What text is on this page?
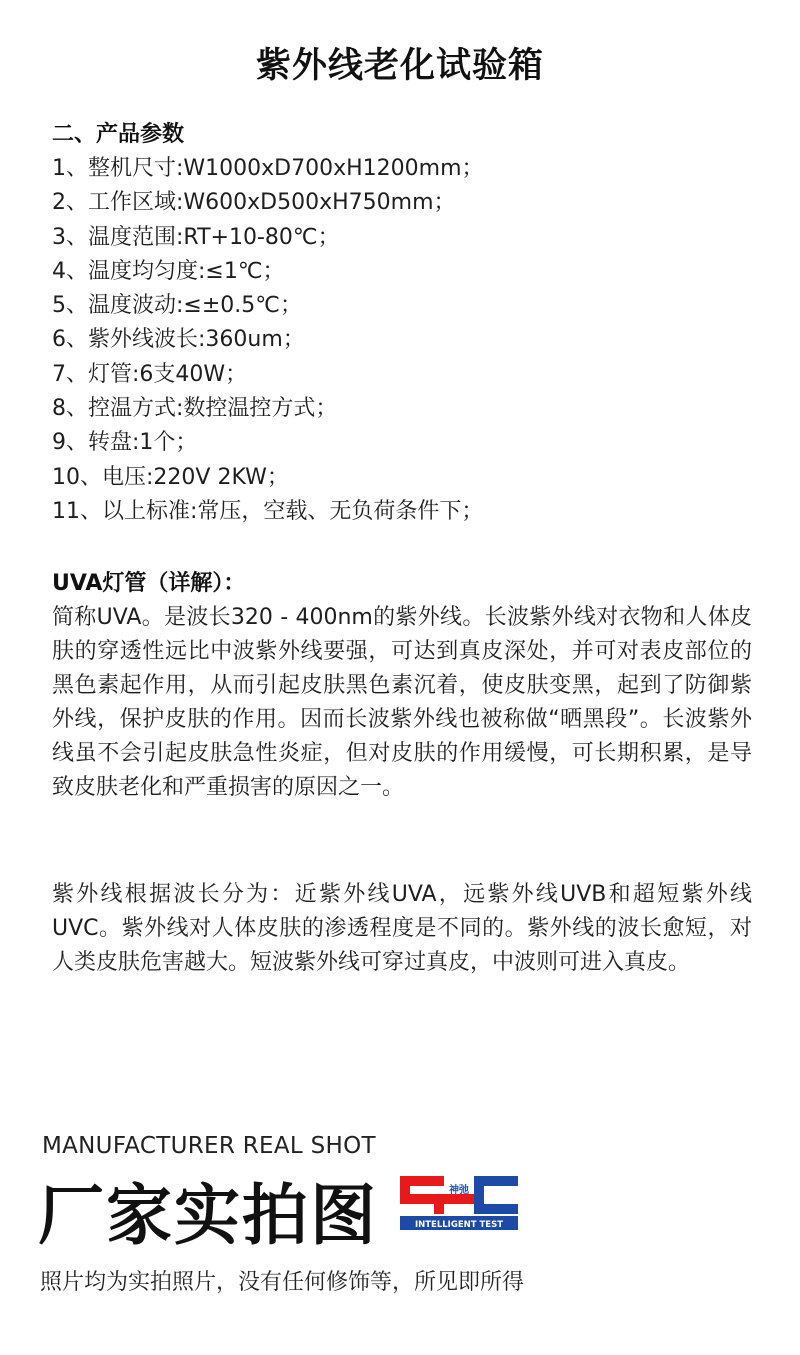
紫外线老化试验箱

二、产品参数

1、整机尺寸:W1000xD700xH1200mm；
2、工作区域:W600xD500xH750mm；
3、温度范围:RT+10-80℃；
4、温度均匀度:≤1℃；
5、温度波动:≤±0.5℃；
6、紫外线波长:360um；
7、灯管:6支40W；
8、控温方式:数控温控方式；
9、转盘:1个；
10、电压:220V 2KW；
11、以上标准:常压，空载、无负荷条件下；

UVA灯管（详解）：

简称UVA。是波长320 - 400nm的紫外线。长波紫外线对衣物和人体皮肤的穿透性远比中波紫外线要强，可达到真皮深处，并可对表皮部位的黑色素起作用，从而引起皮肤黑色素沉着，使皮肤变黑，起到了防御紫外线，保护皮肤的作用。因而长波紫外线也被称做“晒黑段”。长波紫外线虽不会引起皮肤急性炎症，但对皮肤的作用缓慢，可长期积累，是导致皮肤老化和严重损害的原因之一。

紫外线根据波长分为：近紫外线UVA，远紫外线UVB和超短紫外线UVC。紫外线对人体皮肤的渗透程度是不同的。紫外线的波长愈短，对人类皮肤危害越大。短波紫外线可穿过真皮，中波则可进入真皮。

MANUFACTURER REAL SHOT
厂家实拍图	神弛
INTELLIGENT TEST
照片均为实拍照片，没有任何修饰等，所见即所得
